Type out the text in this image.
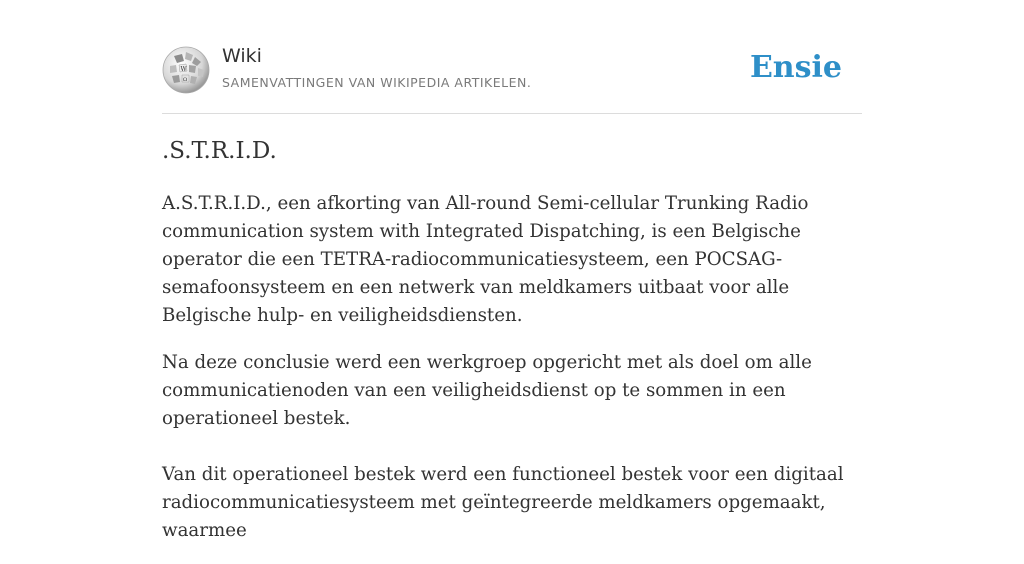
W
Ω
Wiki
SAMENVATTINGEN VAN WIKIPEDIA ARTIKELEN.	Ensie
.S.T.R.I.D.

A.S.T.R.I.D., een afkorting van All-round Semi-cellular Trunking Radio communication system with Integrated Dispatching, is een Belgische operator die een TETRA-radiocommunicatiesysteem, een POCSAG-semafoonsysteem en een netwerk van meldkamers uitbaat voor alle Belgische hulp- en veiligheidsdiensten.

Na deze conclusie werd een werkgroep opgericht met als doel om alle communicatienoden van een veiligheidsdienst op te sommen in een operationeel bestek.

Van dit operationeel bestek werd een functioneel bestek voor een digitaal radiocommunicatiesysteem met geïntegreerde meldkamers opgemaakt, waarmee
